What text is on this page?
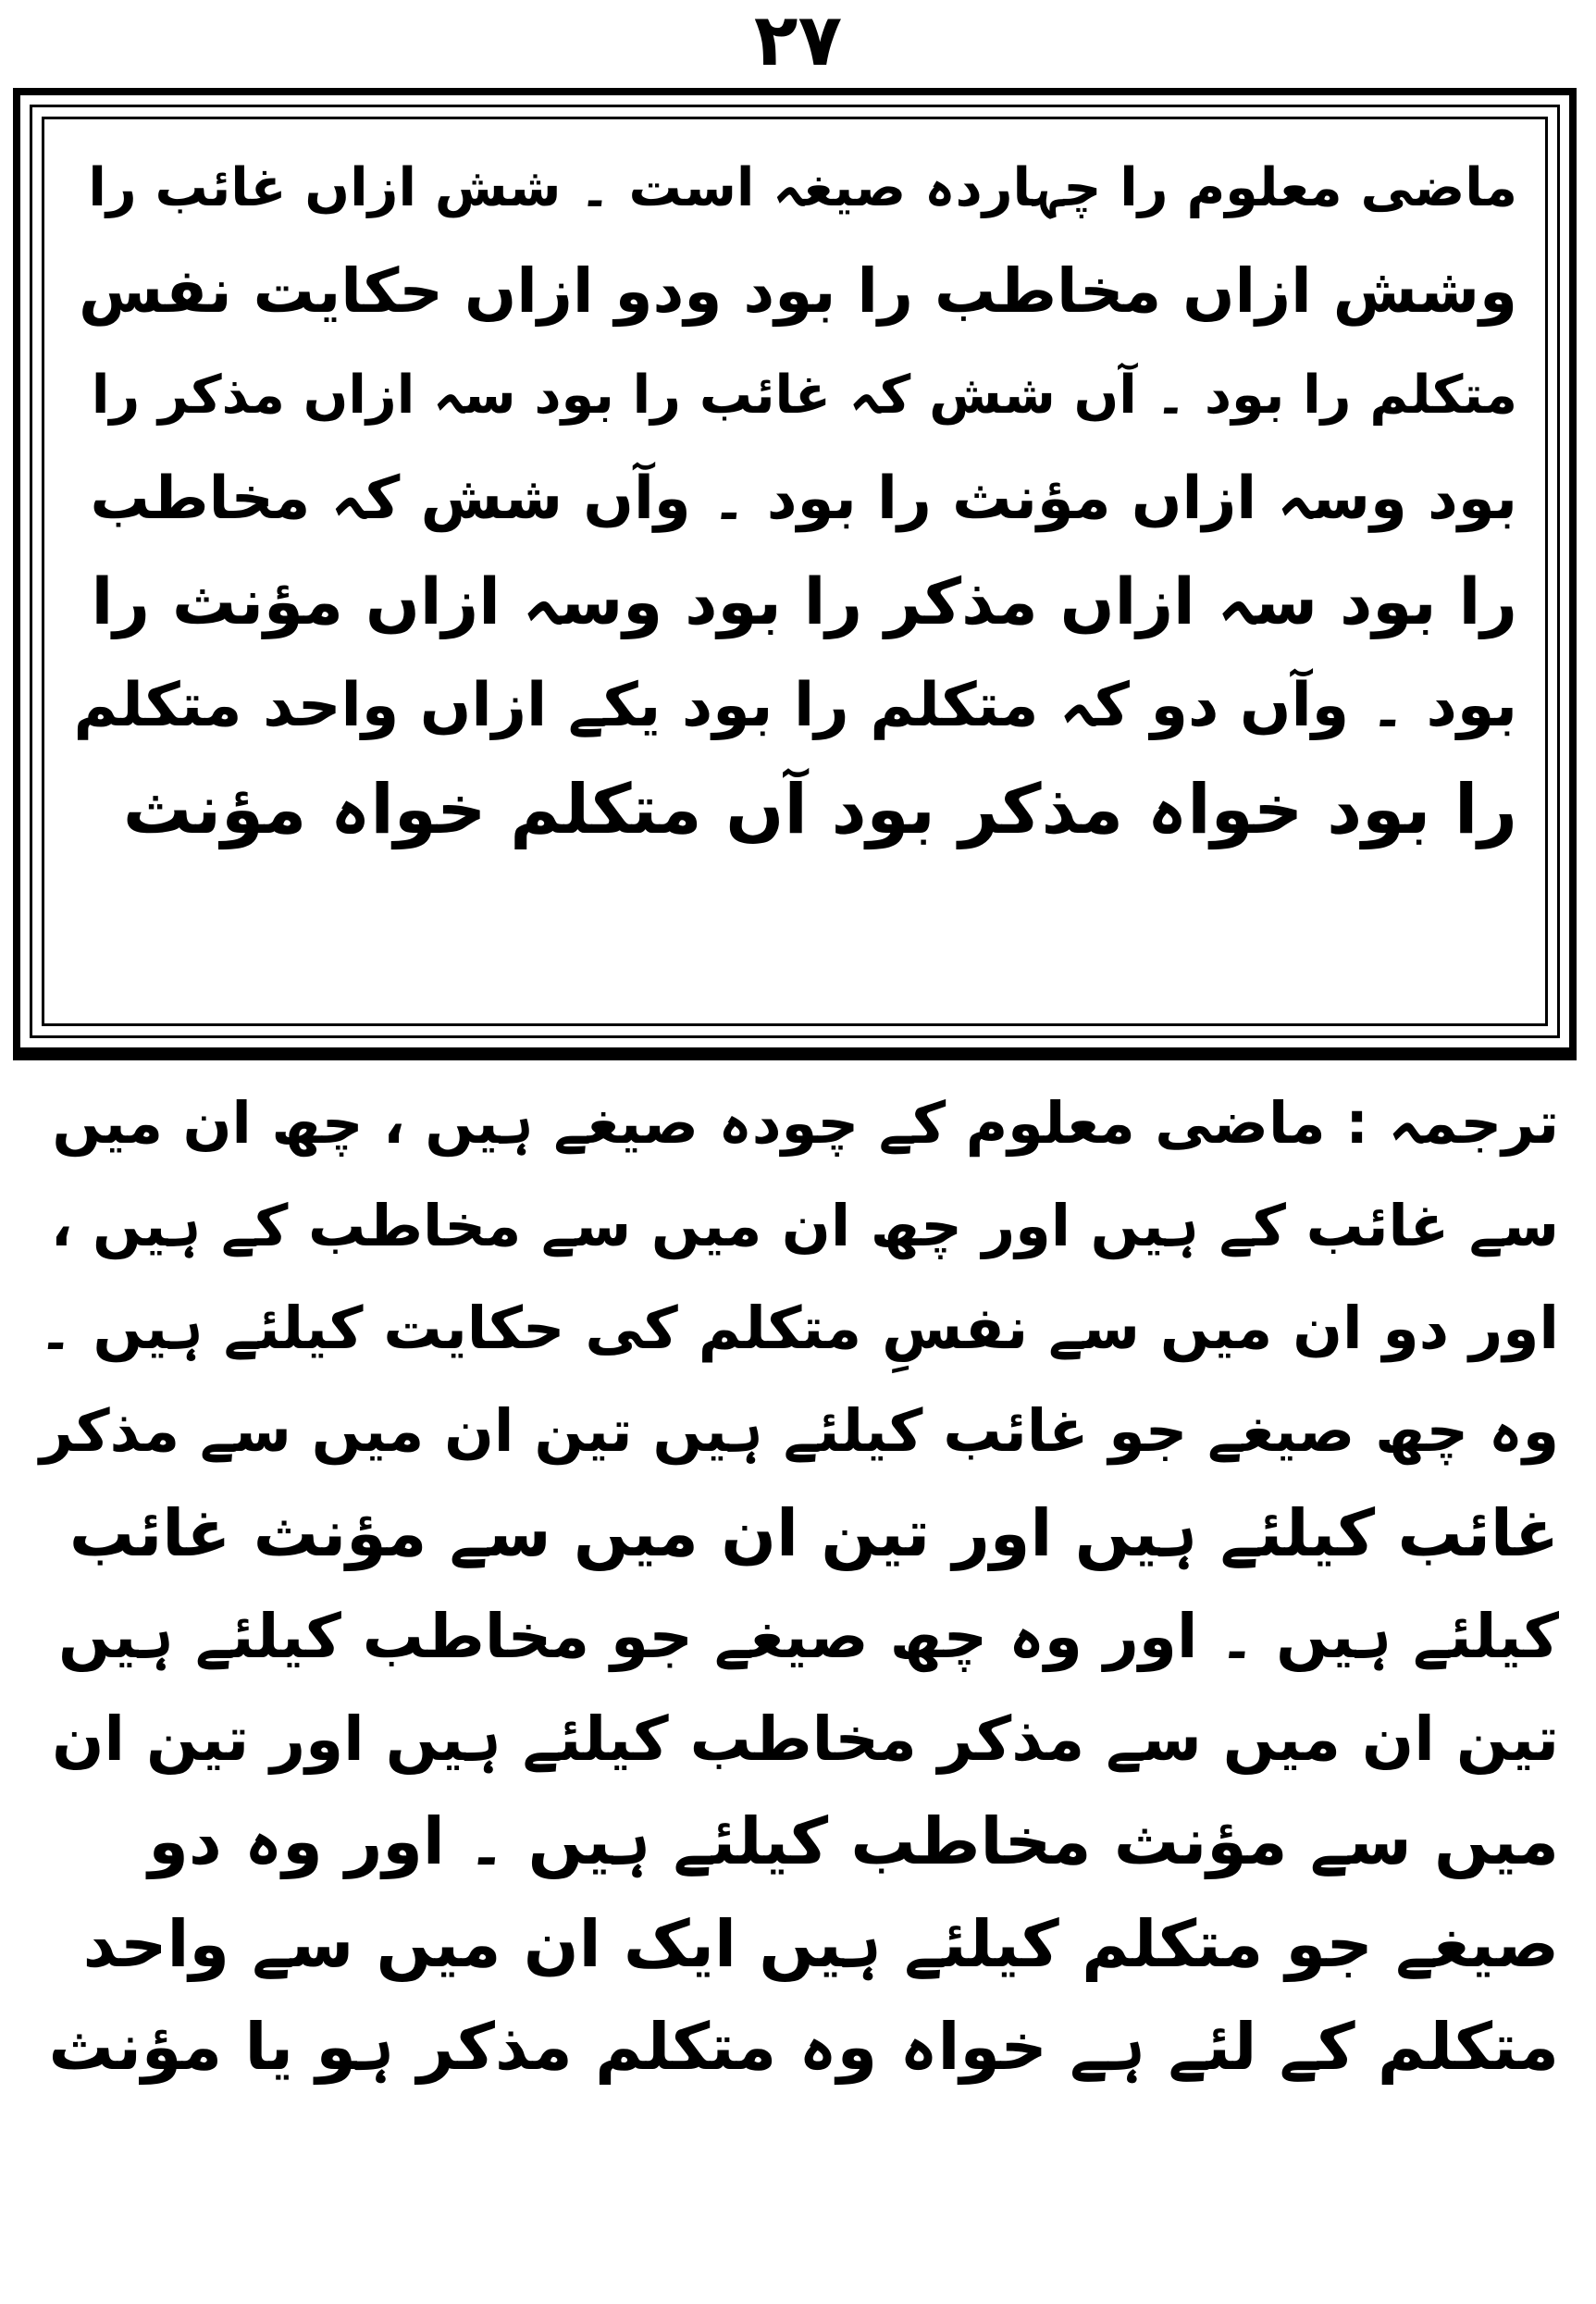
۲۷
ماضی معلوم را چہاردہ صیغہ است ۔ شش ازاں غائب را
وشش ازاں مخاطب را بود ودو ازاں حکایت نفس
متکلم را بود ۔ آں شش کہ غائب را بود سہ ازاں مذکر را
بود وسہ ازاں مؤنث را بود ۔ وآں شش کہ مخاطب
را بود سہ ازاں مذکر را بود وسہ ازاں مؤنث را
بود ۔ وآں دو کہ متکلم را بود یکے ازاں واحد متکلم
را بود خواہ مذکر بود آں متکلم خواہ مؤنث
ترجمہ : ماضی معلوم کے چودہ صیغے ہیں ، چھ ان میں
سے غائب کے ہیں اور چھ ان میں سے مخاطب کے ہیں ،
اور دو ان میں سے نفسِ متکلم کی حکایت کیلئے ہیں ۔
وہ چھ صیغے جو غائب کیلئے ہیں تین ان میں سے مذکر
غائب کیلئے ہیں اور تین ان میں سے مؤنث غائب
کیلئے ہیں ۔ اور وہ چھ صیغے جو مخاطب کیلئے ہیں
تین ان میں سے مذکر مخاطب کیلئے ہیں اور تین ان
میں سے مؤنث مخاطب کیلئے ہیں ۔ اور وہ دو
صیغے جو متکلم کیلئے ہیں ایک ان میں سے واحد
متکلم کے لئے ہے خواہ وہ متکلم مذکر ہو یا مؤنث
